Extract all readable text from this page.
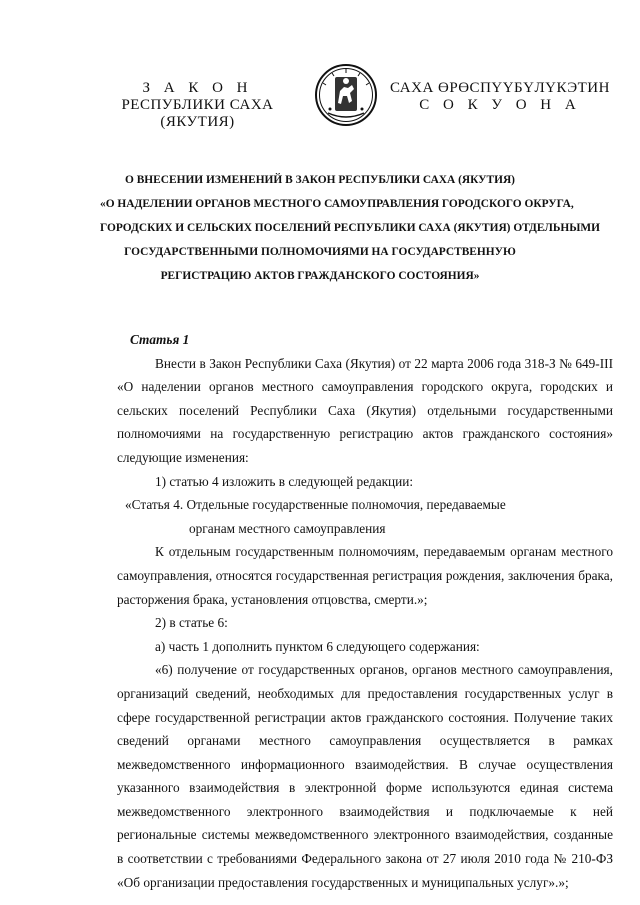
З А К О Н
РЕСПУБЛИКИ САХА (ЯКУТИЯ)
САХА ӨРӨСПҮҮБҮЛҮКЭТИН
С О К У О Н А
О ВНЕСЕНИИ ИЗМЕНЕНИЙ В ЗАКОН РЕСПУБЛИКИ САХА (ЯКУТИЯ)
«О НАДЕЛЕНИИ ОРГАНОВ МЕСТНОГО САМОУПРАВЛЕНИЯ ГОРОДСКОГО ОКРУГА,
ГОРОДСКИХ И СЕЛЬСКИХ ПОСЕЛЕНИЙ РЕСПУБЛИКИ САХА (ЯКУТИЯ) ОТДЕЛЬНЫМИ
ГОСУДАРСТВЕННЫМИ ПОЛНОМОЧИЯМИ НА ГОСУДАРСТВЕННУЮ
РЕГИСТРАЦИЮ АКТОВ ГРАЖДАНСКОГО СОСТОЯНИЯ»

Статья 1

Внести в Закон Республики Саха (Якутия) от 22 марта 2006 года 318-З № 649-III «О наделении органов местного самоуправления городского округа, городских и сельских поселений Республики Саха (Якутия) отдельными государственными полномочиями на государственную регистрацию актов гражданского состояния» следующие изменения:

1) статью 4 изложить в следующей редакции:

«Статья 4. Отдельные государственные полномочия, передаваемые

органам местного самоуправления

К отдельным государственным полномочиям, передаваемым органам местного самоуправления, относятся государственная регистрация рождения, заключения брака, расторжения брака, установления отцовства, смерти.»;

2) в статье 6:

а) часть 1 дополнить пунктом 6 следующего содержания:

«6) получение от государственных органов, органов местного самоуправления, организаций сведений, необходимых для предоставления государственных услуг в сфере государственной регистрации актов гражданского состояния. Получение таких сведений органами местного самоуправления осуществляется в рамках межведомственного информационного взаимодействия. В случае осуществления указанного взаимодействия в электронной форме используются единая система межведомственного электронного взаимодействия и подключаемые к ней региональные системы межведомственного электронного взаимодействия, созданные в соответствии с требованиями Федерального закона от 27 июля 2010 года № 210-ФЗ «Об организации предоставления государственных и муниципальных услуг».»;
